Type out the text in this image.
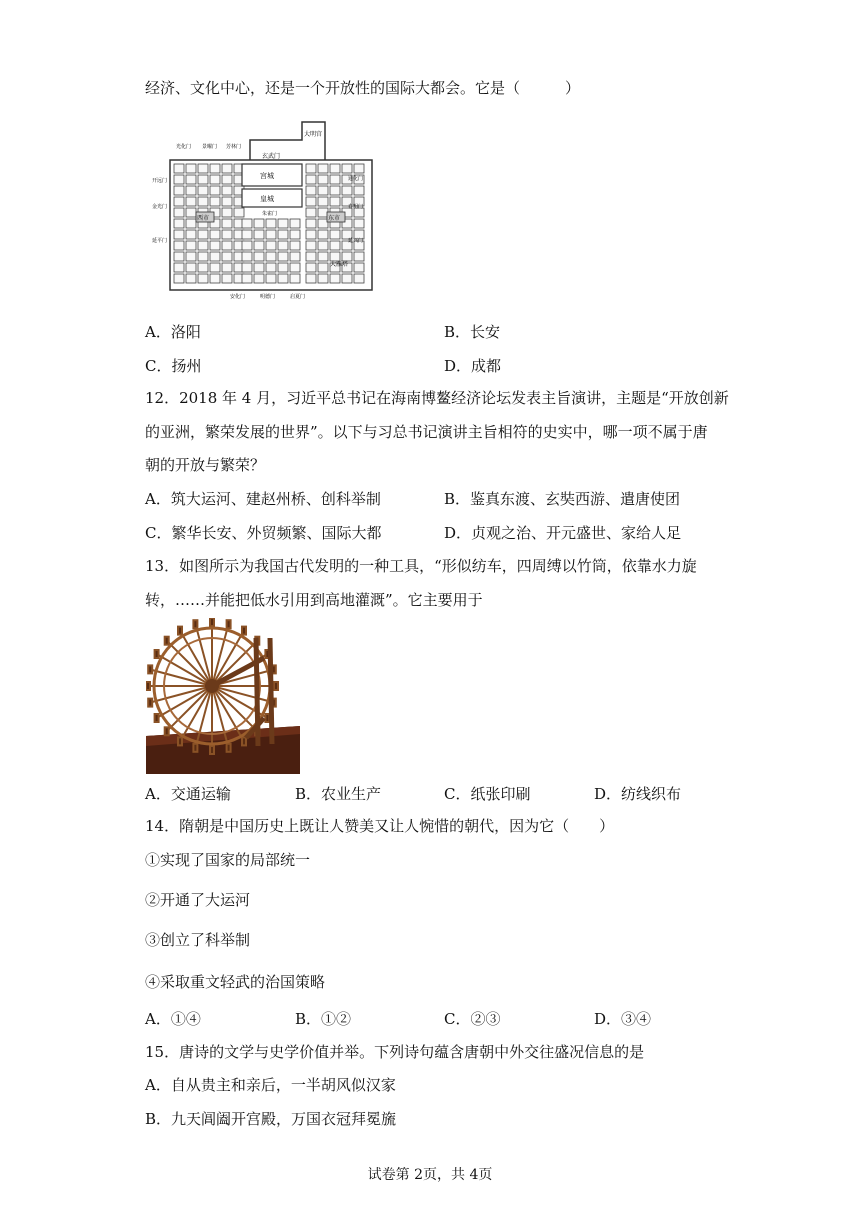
经济、文化中心，还是一个开放性的国际大都会。它是（　　　）
宫城
皇城
西市	东市
大明宫
玄武门
朱雀门
大雁塔
开远门
金光门
延平门
光化门 景曜门 芳林门
通化门
春明门
延兴门
安化门	明德门	启夏门
A．洛阳	B．长安
C．扬州	D．成都
12．2018 年 4 月，习近平总书记在海南博鳌经济论坛发表主旨演讲，主题是“开放创新
的亚洲，繁荣发展的世界”。以下与习总书记演讲主旨相符的史实中，哪一项不属于唐
朝的开放与繁荣？
A．筑大运河、建赵州桥、创科举制	B．鉴真东渡、玄奘西游、遣唐使团
C．繁华长安、外贸频繁、国际大都	D．贞观之治、开元盛世、家给人足
13．如图所示为我国古代发明的一种工具，“形似纺车，四周缚以竹筒，依靠水力旋
转，……并能把低水引用到高地灌溉”。它主要用于
A．交通运输	B．农业生产	C．纸张印刷	D．纺线织布
14．隋朝是中国历史上既让人赞美又让人惋惜的朝代，因为它（　　）
①实现了国家的局部统一
②开通了大运河
③创立了科举制
④采取重文轻武的治国策略
A．①④	B．①②	C．②③	D．③④
15．唐诗的文学与史学价值并举。下列诗句蕴含唐朝中外交往盛况信息的是
A．自从贵主和亲后，一半胡风似汉家
B．九天阊阖开宫殿，万国衣冠拜冕旒
试卷第 2页，共 4页
